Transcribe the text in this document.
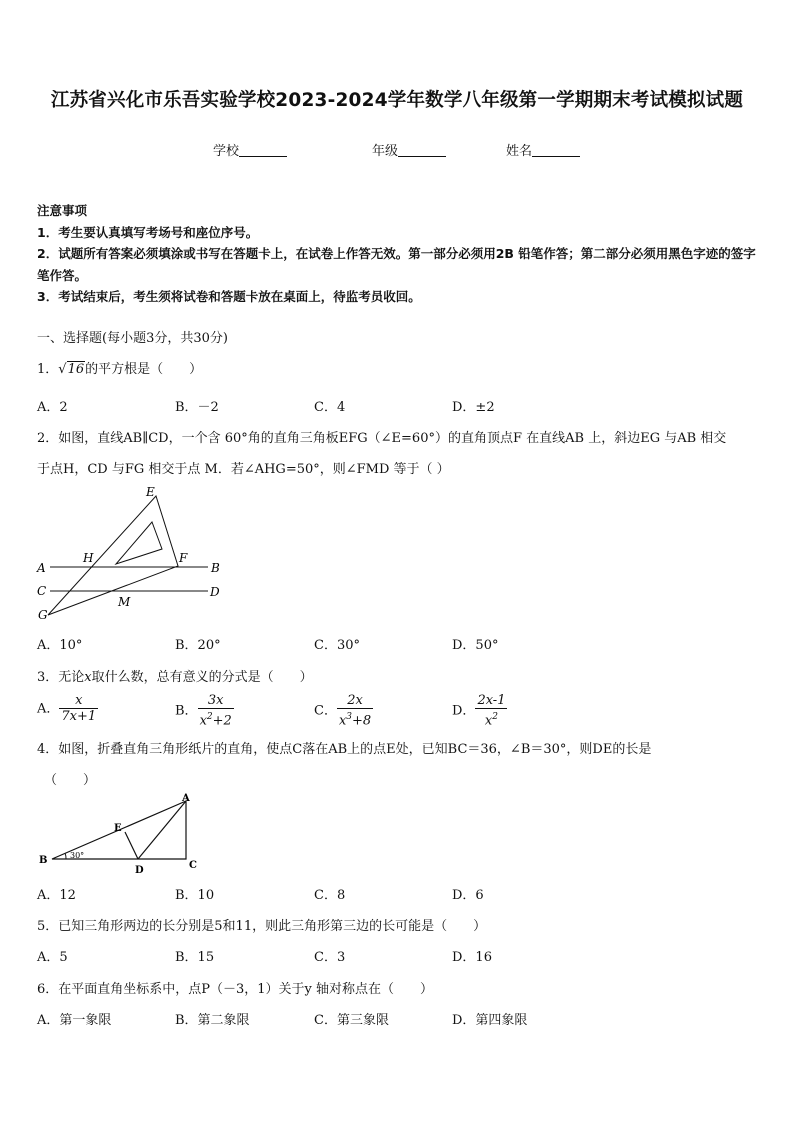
江苏省兴化市乐吾实验学校2023-2024学年数学八年级第一学期期末考试模拟试题
学校	年级	姓名
注意事项
1．考生要认真填写考场号和座位序号。
2．试题所有答案必须填涂或书写在答题卡上，在试卷上作答无效。第一部分必须用2B 铅笔作答；第二部分必须用黑色字迹的签字笔作答。
3．考试结束后，考生须将试卷和答题卡放在桌面上，待监考员收回。
一、选择题(每小题3分，共30分)
1．√16的平方根是（　　）
A．2	B．－2	C．4	D．±2
2．如图，直线AB∥CD，一个含 60°角的直角三角板EFG（∠E=60°）的直角顶点F 在直线AB 上，斜边EG 与AB 相交
于点H，CD 与FG 相交于点 M．若∠AHG=50°，则∠FMD 等于（ ）
E
H	F
A	B
C	D
G
M
A．10°	B．20°	C．30°	D．50°
3．无论x取什么数，总有意义的分式是（　　）
A． $\frac{x}{7x+1}$	B． $\frac{3x}{x^2+2}$	C． $\frac{2x}{x^3+8}$	D． $\frac{2x-1}{x^2}$
4．如图，折叠直角三角形纸片的直角，使点C落在AB上的点E处，已知BC＝36，∠B＝30°，则DE的长是
（　　）
A
B	C
D
E
30°
A．12	B．10	C．8	D．6
5．已知三角形两边的长分别是5和11，则此三角形第三边的长可能是（　　）
A．5	B．15	C．3	D．16
6．在平面直角坐标系中，点P（－3，1）关于y 轴对称点在（　　）
A．第一象限	B．第二象限	C．第三象限	D．第四象限
